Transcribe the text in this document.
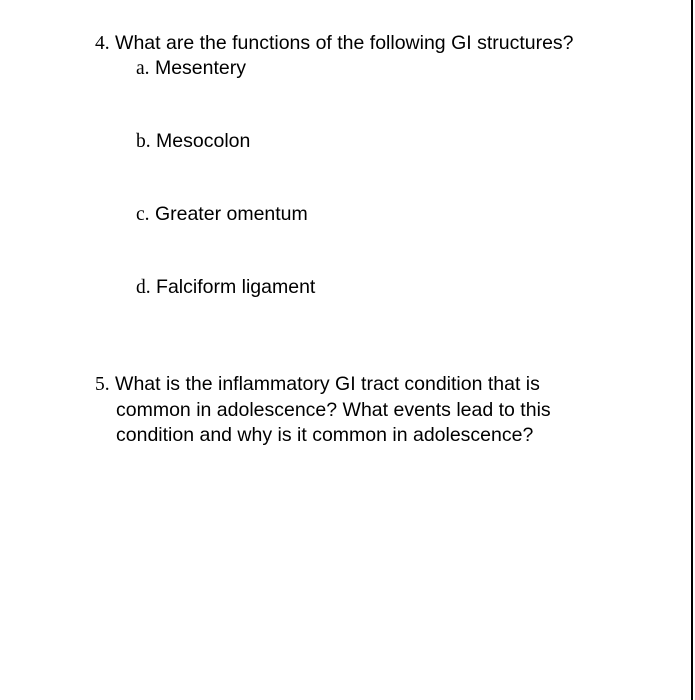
4. What are the functions of the following GI structures?
a. Mesentery
b. Mesocolon
c. Greater omentum
d. Falciform ligament
5. What is the inflammatory GI tract condition that is
common in adolescence? What events lead to this
condition and why is it common in adolescence?
